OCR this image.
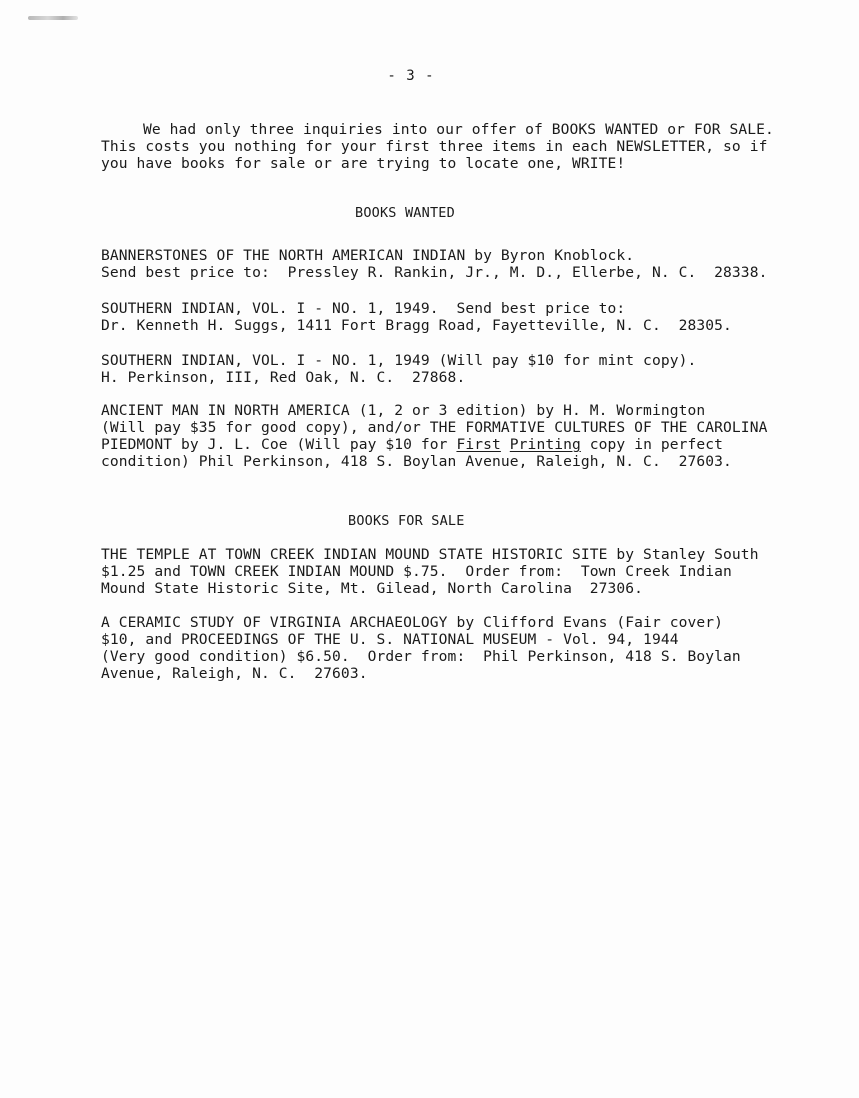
- 3 -
We had only three inquiries into our offer of BOOKS WANTED or FOR SALE.
This costs you nothing for your first three items in each NEWSLETTER, so if
you have books for sale or are trying to locate one, WRITE!
BOOKS WANTED
BANNERSTONES OF THE NORTH AMERICAN INDIAN by Byron Knoblock.
Send best price to:  Pressley R. Rankin, Jr., M. D., Ellerbe, N. C.  28338.
SOUTHERN INDIAN, VOL. I - NO. 1, 1949.  Send best price to:
Dr. Kenneth H. Suggs, 1411 Fort Bragg Road, Fayetteville, N. C.  28305.
SOUTHERN INDIAN, VOL. I - NO. 1, 1949 (Will pay $10 for mint copy).
H. Perkinson, III, Red Oak, N. C.  27868.
ANCIENT MAN IN NORTH AMERICA (1, 2 or 3 edition) by H. M. Wormington
(Will pay $35 for good copy), and/or THE FORMATIVE CULTURES OF THE CAROLINA
PIEDMONT by J. L. Coe (Will pay $10 for First Printing copy in perfect
condition) Phil Perkinson, 418 S. Boylan Avenue, Raleigh, N. C.  27603.
BOOKS FOR SALE
THE TEMPLE AT TOWN CREEK INDIAN MOUND STATE HISTORIC SITE by Stanley South
$1.25 and TOWN CREEK INDIAN MOUND $.75.  Order from:  Town Creek Indian
Mound State Historic Site, Mt. Gilead, North Carolina  27306.
A CERAMIC STUDY OF VIRGINIA ARCHAEOLOGY by Clifford Evans (Fair cover)
$10, and PROCEEDINGS OF THE U. S. NATIONAL MUSEUM - Vol. 94, 1944
(Very good condition) $6.50.  Order from:  Phil Perkinson, 418 S. Boylan
Avenue, Raleigh, N. C.  27603.
